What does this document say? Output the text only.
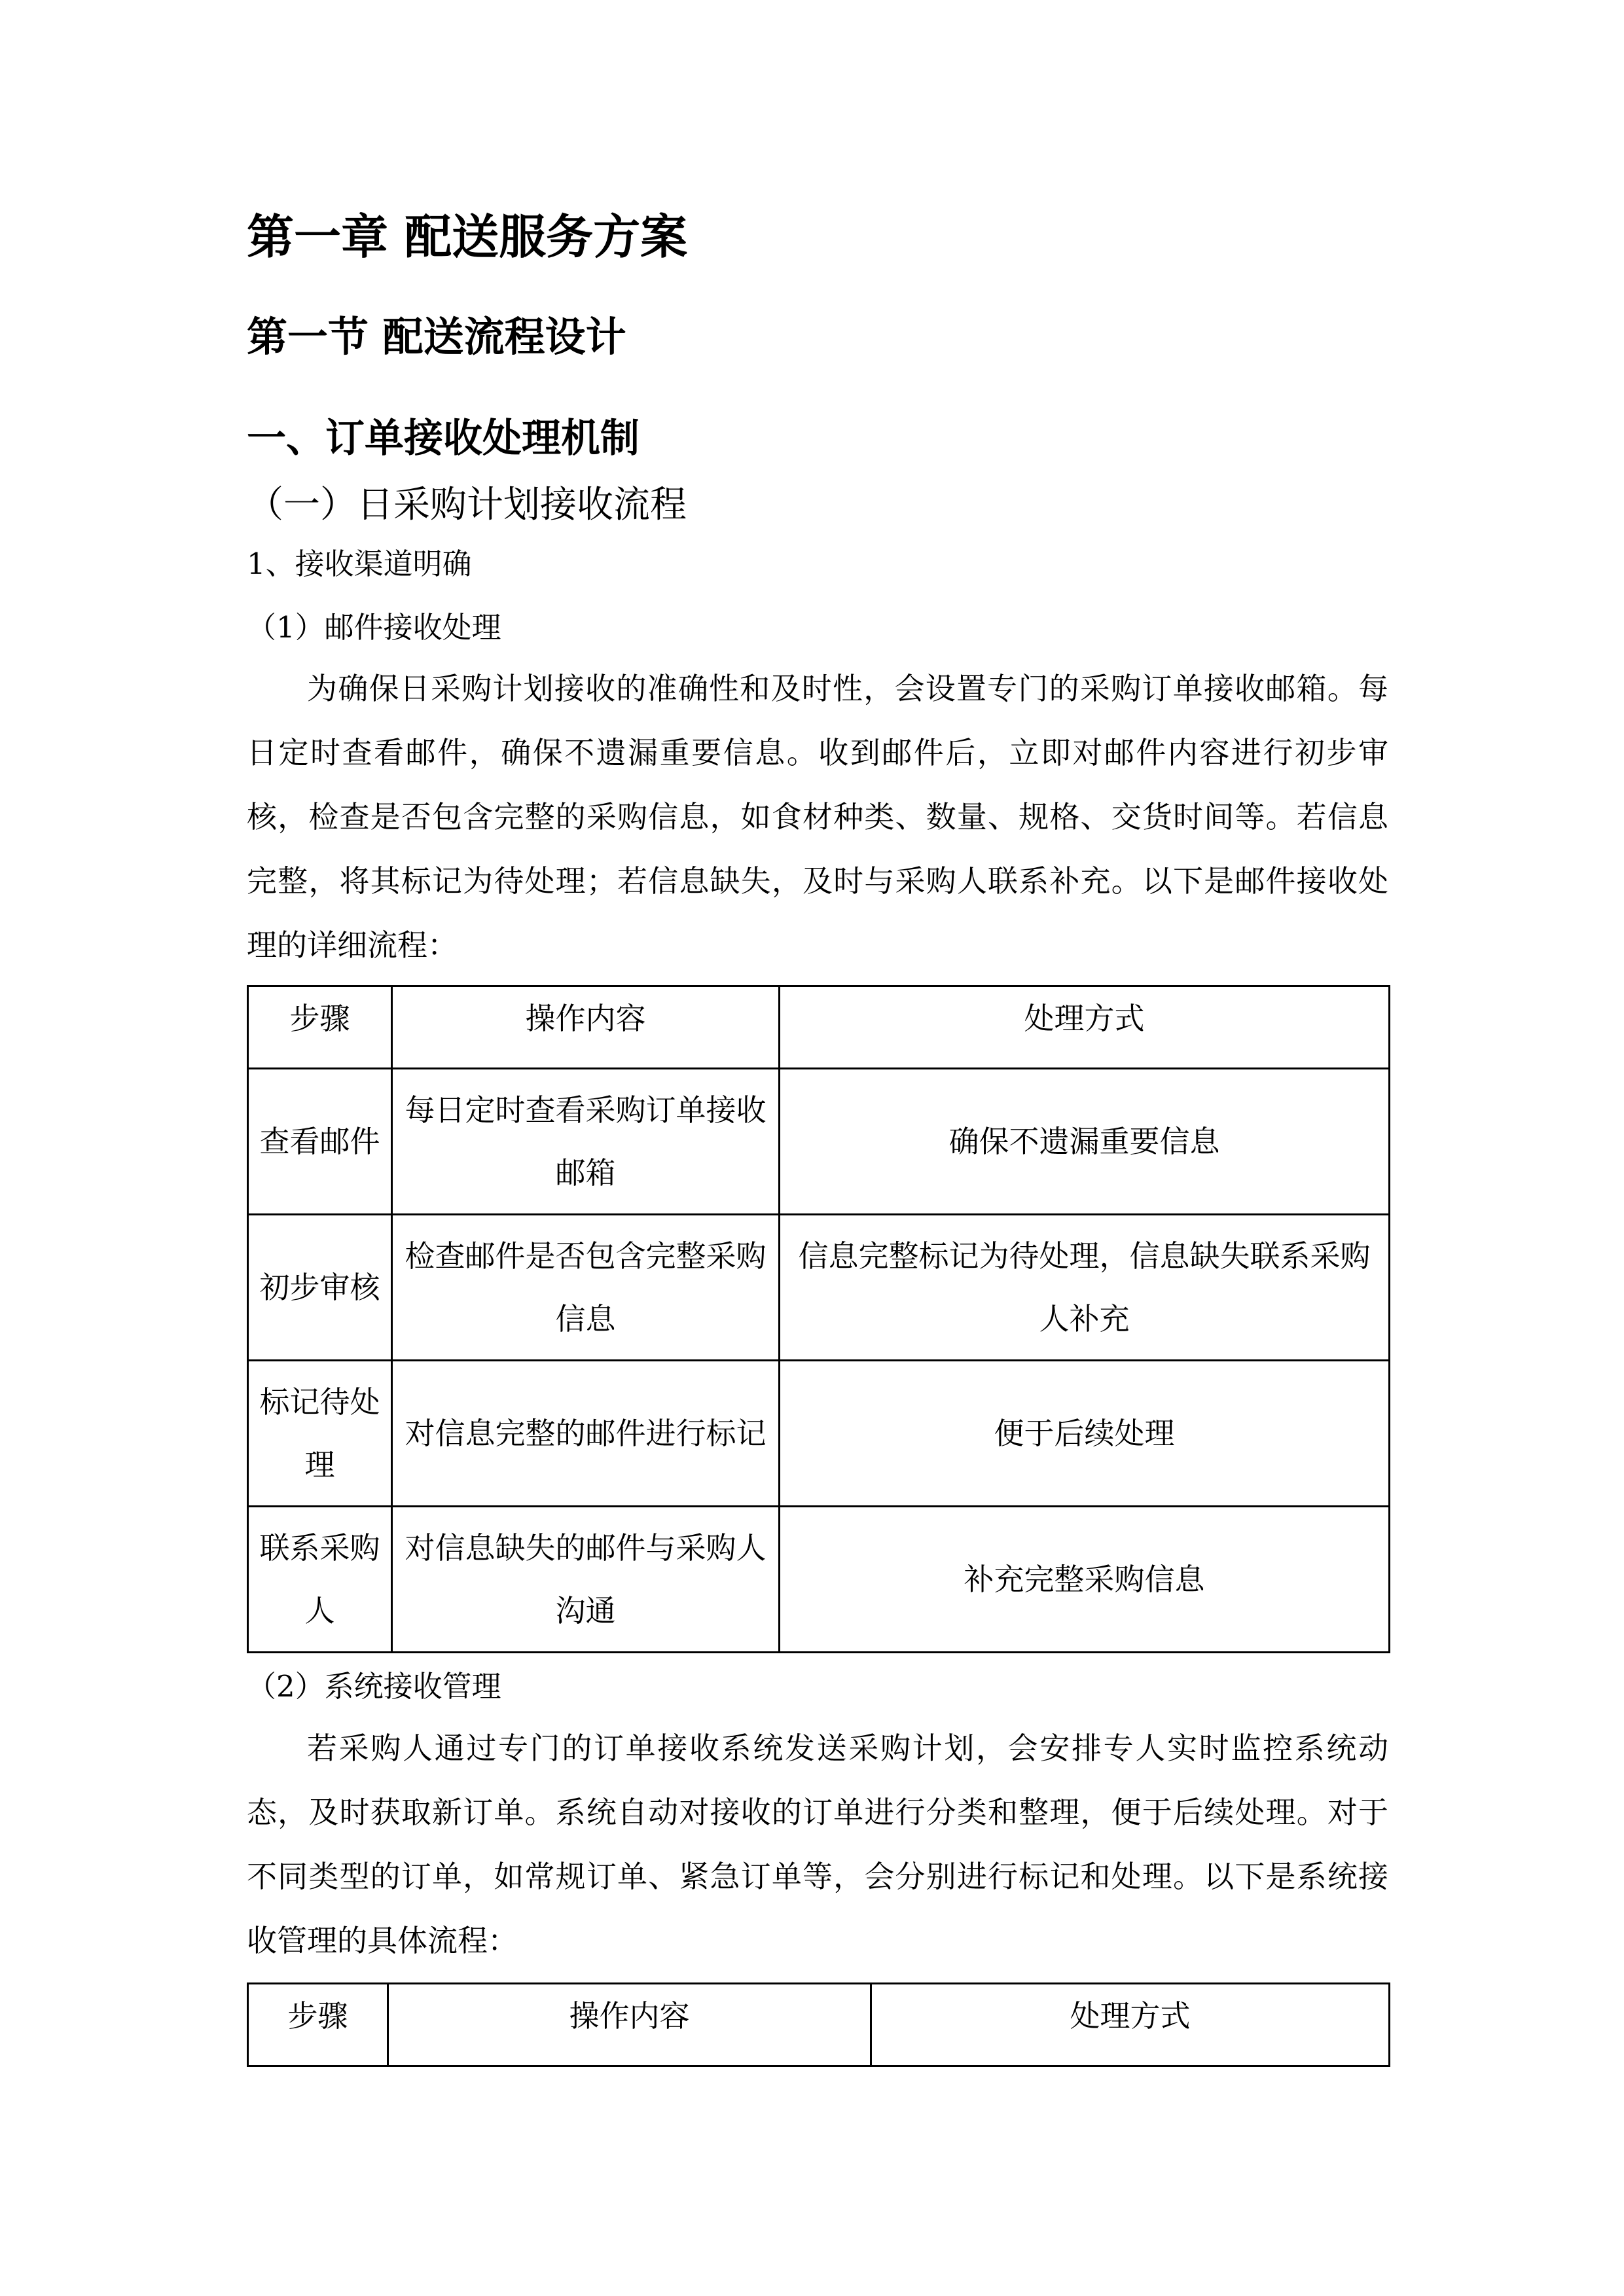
第一章 配送服务方案
第一节 配送流程设计
一、订单接收处理机制
（一）日采购计划接收流程
1、接收渠道明确
（1）邮件接收处理
为确保日采购计划接收的准确性和及时性，会设置专门的采购订单接收邮箱。每日定时查看邮件，确保不遗漏重要信息。收到邮件后，立即对邮件内容进行初步审核，检查是否包含完整的采购信息，如食材种类、数量、规格、交货时间等。若信息完整，将其标记为待处理；若信息缺失，及时与采购人联系补充。以下是邮件接收处理的详细流程：
步骤	操作内容	处理方式
查看邮件	每日定时查看采购订单接收邮箱	确保不遗漏重要信息
初步审核	检查邮件是否包含完整采购信息	信息完整标记为待处理，信息缺失联系采购人补充
标记待处理	对信息完整的邮件进行标记	便于后续处理
联系采购人	对信息缺失的邮件与采购人沟通	补充完整采购信息
（2）系统接收管理
若采购人通过专门的订单接收系统发送采购计划，会安排专人实时监控系统动态，及时获取新订单。系统自动对接收的订单进行分类和整理，便于后续处理。对于不同类型的订单，如常规订单、紧急订单等，会分别进行标记和处理。以下是系统接收管理的具体流程：
步骤	操作内容	处理方式
